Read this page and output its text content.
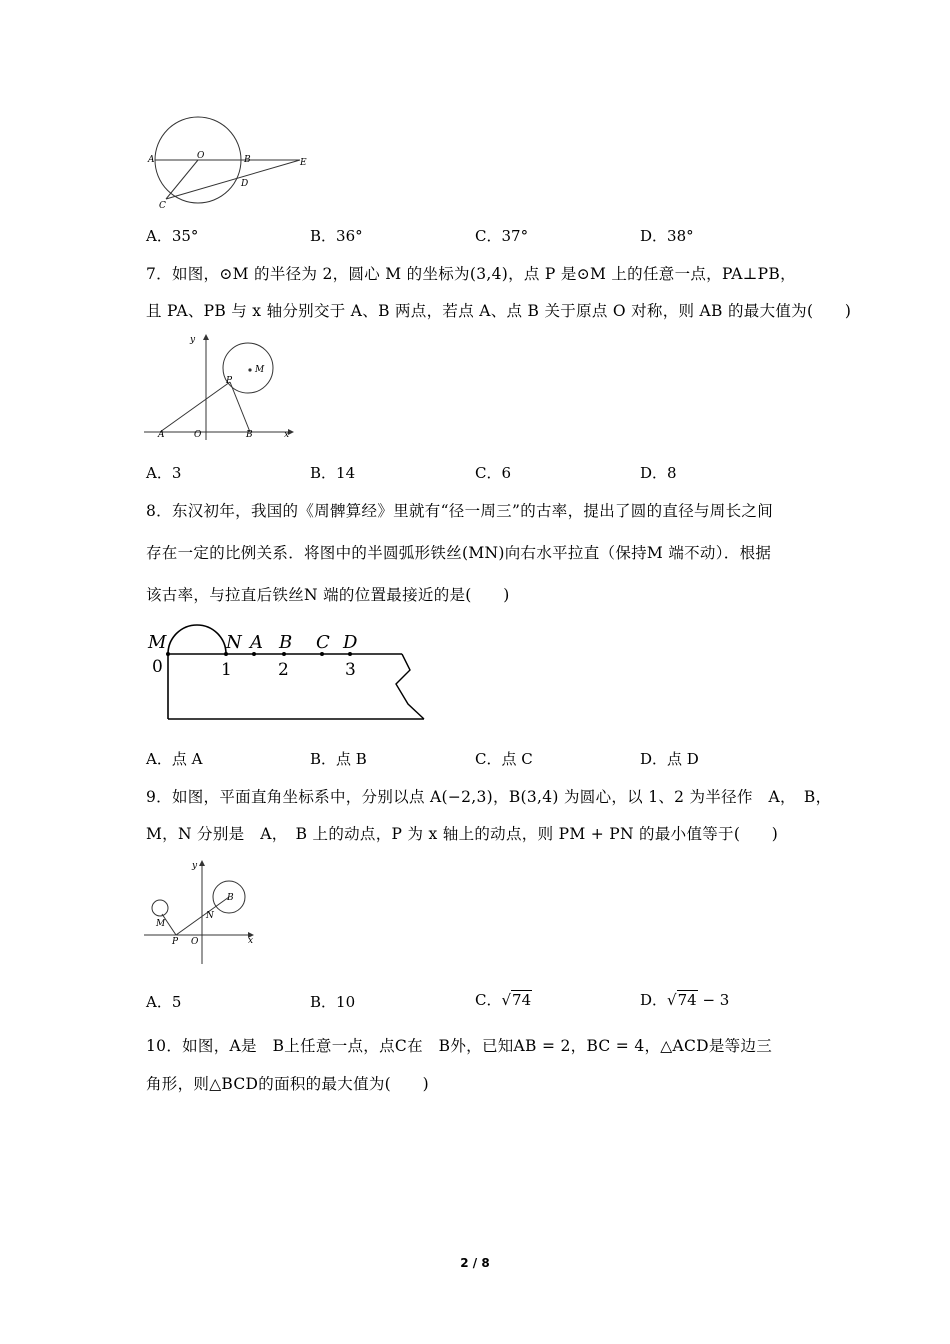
A	O	B	E
D
C
A．35°	B．36°	C．37°	D．38°
7．如图，⊙M 的半径为 2，圆心 M 的坐标为(3,4)，点 P 是⊙M 上的任意一点，PA⊥PB，
且 PA、PB 与 x 轴分别交于 A、B 两点，若点 A、点 B 关于原点 O 对称，则 AB 的最大值为(　　)
y
x
M
P
A	O	B
A．3	B．14	C．6	D．8
8．东汉初年，我国的《周髀算经》里就有“径一周三”的古率，提出了圆的直径与周长之间
存在一定的比例关系．将图中的半圆弧形铁丝(MN)向右水平拉直（保持M 端不动）．根据
该古率，与拉直后铁丝N 端的位置最接近的是(　　)
M	N A B C D
0	1	2	3
A．点 A	B．点 B	C．点 C	D．点 D
9．如图，平面直角坐标系中，分别以点 A(−2,3)，B(3,4) 为圆心，以 1、2 为半径作　A，　B，
M，N 分别是　A，　B 上的动点，P 为 x 轴上的动点，则 PM + PN 的最小值等于(　　)
y
x
M
N
P O
B
A．5	B．10	C．√74	D．√74 − 3
10．如图，A是　B上任意一点，点C在　B外，已知AB = 2，BC = 4，△ACD是等边三
角形，则△BCD的面积的最大值为(　　)
2 / 8
